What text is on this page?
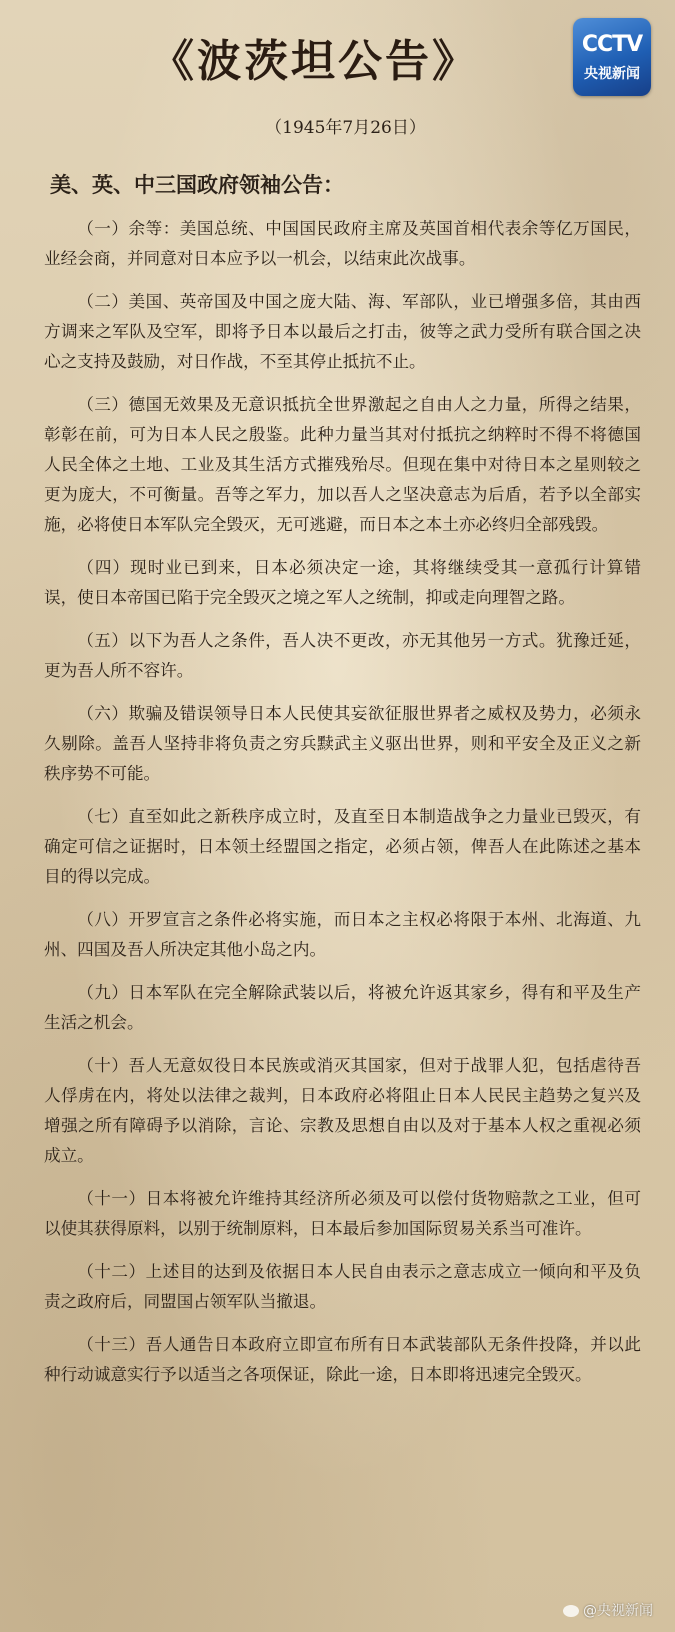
《波茨坦公告》	CCTV
央视新闻
（1945年7月26日）
美、英、中三国政府领袖公告：

（一）余等：美国总统、中国国民政府主席及英国首相代表余等亿万国民，业经会商，并同意对日本应予以一机会，以结束此次战事。

（二）美国、英帝国及中国之庞大陆、海、军部队，业已增强多倍，其由西方调来之军队及空军，即将予日本以最后之打击，彼等之武力受所有联合国之决心之支持及鼓励，对日作战，不至其停止抵抗不止。

（三）德国无效果及无意识抵抗全世界激起之自由人之力量，所得之结果，彰彰在前，可为日本人民之殷鉴。此种力量当其对付抵抗之纳粹时不得不将德国人民全体之土地、工业及其生活方式摧残殆尽。但现在集中对待日本之星则较之更为庞大，不可衡量。吾等之军力，加以吾人之坚决意志为后盾，若予以全部实施，必将使日本军队完全毁灭，无可逃避，而日本之本土亦必终归全部残毁。

（四）现时业已到来，日本必须决定一途，其将继续受其一意孤行计算错误，使日本帝国已陷于完全毁灭之境之军人之统制，抑或走向理智之路。

（五）以下为吾人之条件，吾人决不更改，亦无其他另一方式。犹豫迁延，更为吾人所不容许。

（六）欺骗及错误领导日本人民使其妄欲征服世界者之威权及势力，必须永久剔除。盖吾人坚持非将负责之穷兵黩武主义驱出世界，则和平安全及正义之新秩序势不可能。

（七）直至如此之新秩序成立时，及直至日本制造战争之力量业已毁灭，有确定可信之证据时，日本领土经盟国之指定，必须占领，俾吾人在此陈述之基本目的得以完成。

（八）开罗宣言之条件必将实施，而日本之主权必将限于本州、北海道、九州、四国及吾人所决定其他小岛之内。

（九）日本军队在完全解除武装以后，将被允许返其家乡，得有和平及生产生活之机会。

（十）吾人无意奴役日本民族或消灭其国家，但对于战罪人犯，包括虐待吾人俘虏在内，将处以法律之裁判，日本政府必将阻止日本人民民主趋势之复兴及增强之所有障碍予以消除，言论、宗教及思想自由以及对于基本人权之重视必须成立。

（十一）日本将被允许维持其经济所必须及可以偿付货物赔款之工业，但可以使其获得原料，以别于统制原料，日本最后参加国际贸易关系当可准许。

（十二）上述目的达到及依据日本人民自由表示之意志成立一倾向和平及负责之政府后，同盟国占领军队当撤退。

（十三）吾人通告日本政府立即宣布所有日本武装部队无条件投降，并以此种行动诚意实行予以适当之各项保证，除此一途，日本即将迅速完全毁灭。

@央视新闻
